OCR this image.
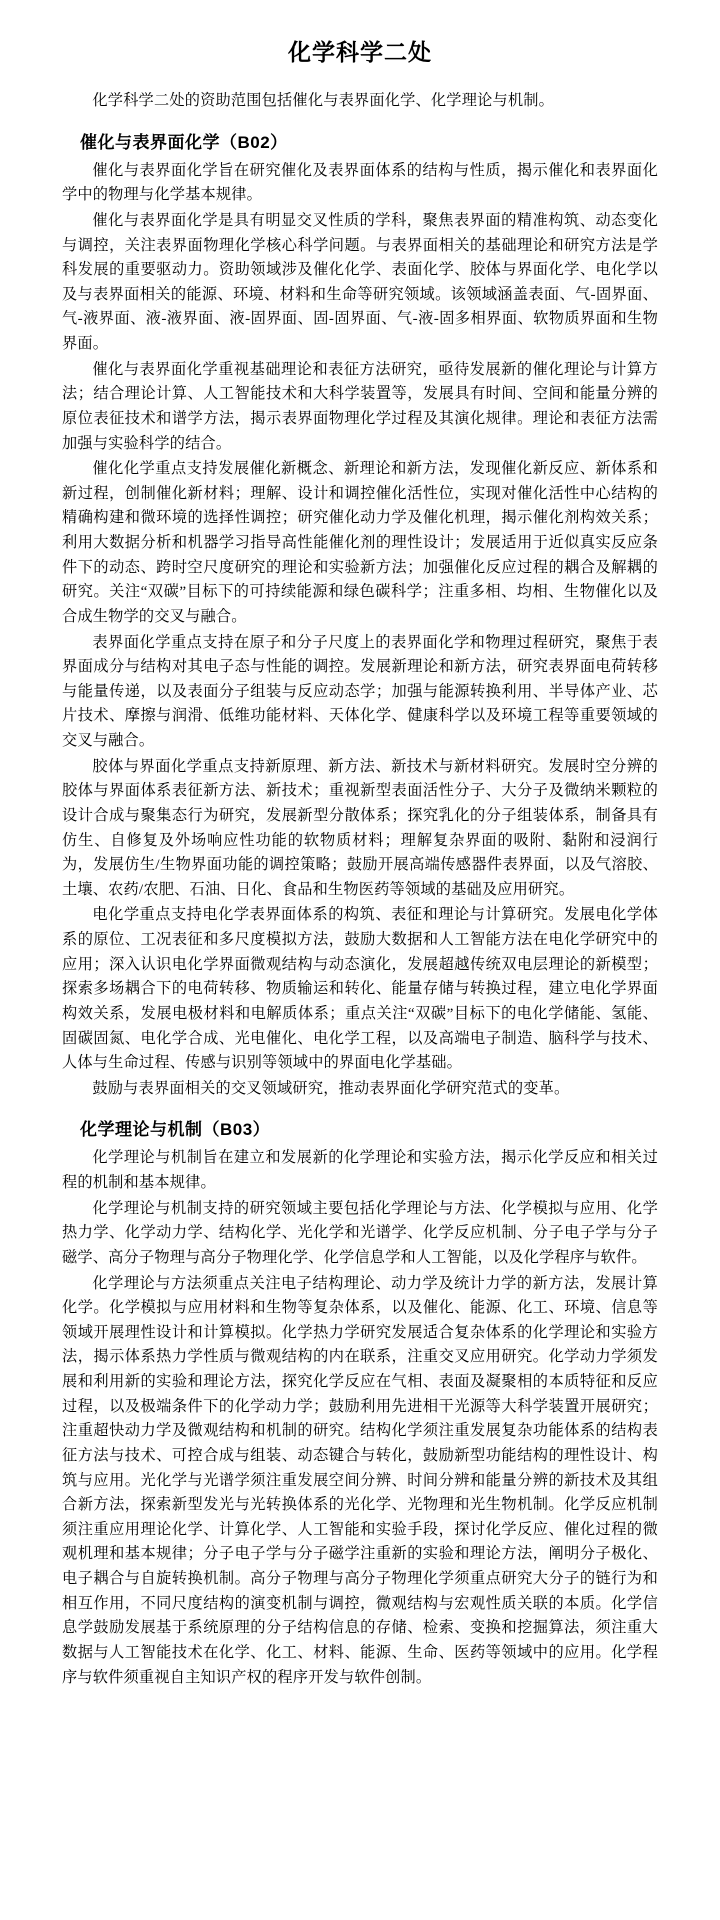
化学科学二处

化学科学二处的资助范围包括催化与表界面化学、化学理论与机制。

催化与表界面化学（B02）

催化与表界面化学旨在研究催化及表界面体系的结构与性质，揭示催化和表界面化学中的物理与化学基本规律。

催化与表界面化学是具有明显交叉性质的学科，聚焦表界面的精准构筑、动态变化与调控，关注表界面物理化学核心科学问题。与表界面相关的基础理论和研究方法是学科发展的重要驱动力。资助领域涉及催化化学、表面化学、胶体与界面化学、电化学以及与表界面相关的能源、环境、材料和生命等研究领域。该领域涵盖表面、气-固界面、气-液界面、液-液界面、液-固界面、固-固界面、气-液-固多相界面、软物质界面和生物界面。

催化与表界面化学重视基础理论和表征方法研究，亟待发展新的催化理论与计算方法；结合理论计算、人工智能技术和大科学装置等，发展具有时间、空间和能量分辨的原位表征技术和谱学方法，揭示表界面物理化学过程及其演化规律。理论和表征方法需加强与实验科学的结合。

催化化学重点支持发展催化新概念、新理论和新方法，发现催化新反应、新体系和新过程，创制催化新材料；理解、设计和调控催化活性位，实现对催化活性中心结构的精确构建和微环境的选择性调控；研究催化动力学及催化机理，揭示催化剂构效关系；利用大数据分析和机器学习指导高性能催化剂的理性设计；发展适用于近似真实反应条件下的动态、跨时空尺度研究的理论和实验新方法；加强催化反应过程的耦合及解耦的研究。关注“双碳”目标下的可持续能源和绿色碳科学；注重多相、均相、生物催化以及合成生物学的交叉与融合。

表界面化学重点支持在原子和分子尺度上的表界面化学和物理过程研究，聚焦于表界面成分与结构对其电子态与性能的调控。发展新理论和新方法，研究表界面电荷转移与能量传递，以及表面分子组装与反应动态学；加强与能源转换利用、半导体产业、芯片技术、摩擦与润滑、低维功能材料、天体化学、健康科学以及环境工程等重要领域的交叉与融合。

胶体与界面化学重点支持新原理、新方法、新技术与新材料研究。发展时空分辨的胶体与界面体系表征新方法、新技术；重视新型表面活性分子、大分子及微纳米颗粒的设计合成与聚集态行为研究，发展新型分散体系；探究乳化的分子组装体系，制备具有仿生、自修复及外场响应性功能的软物质材料；理解复杂界面的吸附、黏附和浸润行为，发展仿生/生物界面功能的调控策略；鼓励开展高端传感器件表界面，以及气溶胶、土壤、农药/农肥、石油、日化、食品和生物医药等领域的基础及应用研究。

电化学重点支持电化学表界面体系的构筑、表征和理论与计算研究。发展电化学体系的原位、工况表征和多尺度模拟方法，鼓励大数据和人工智能方法在电化学研究中的应用；深入认识电化学界面微观结构与动态演化，发展超越传统双电层理论的新模型；探索多场耦合下的电荷转移、物质输运和转化、能量存储与转换过程，建立电化学界面构效关系，发展电极材料和电解质体系；重点关注“双碳”目标下的电化学储能、氢能、固碳固氮、电化学合成、光电催化、电化学工程，以及高端电子制造、脑科学与技术、人体与生命过程、传感与识别等领域中的界面电化学基础。

鼓励与表界面相关的交叉领域研究，推动表界面化学研究范式的变革。

化学理论与机制（B03）

化学理论与机制旨在建立和发展新的化学理论和实验方法，揭示化学反应和相关过程的机制和基本规律。

化学理论与机制支持的研究领域主要包括化学理论与方法、化学模拟与应用、化学热力学、化学动力学、结构化学、光化学和光谱学、化学反应机制、分子电子学与分子磁学、高分子物理与高分子物理化学、化学信息学和人工智能，以及化学程序与软件。

化学理论与方法须重点关注电子结构理论、动力学及统计力学的新方法，发展计算化学。化学模拟与应用材料和生物等复杂体系，以及催化、能源、化工、环境、信息等领域开展理性设计和计算模拟。化学热力学研究发展适合复杂体系的化学理论和实验方法，揭示体系热力学性质与微观结构的内在联系，注重交叉应用研究。化学动力学须发展和利用新的实验和理论方法，探究化学反应在气相、表面及凝聚相的本质特征和反应过程，以及极端条件下的化学动力学；鼓励利用先进相干光源等大科学装置开展研究；注重超快动力学及微观结构和机制的研究。结构化学须注重发展复杂功能体系的结构表征方法与技术、可控合成与组装、动态键合与转化，鼓励新型功能结构的理性设计、构筑与应用。光化学与光谱学须注重发展空间分辨、时间分辨和能量分辨的新技术及其组合新方法，探索新型发光与光转换体系的光化学、光物理和光生物机制。化学反应机制须注重应用理论化学、计算化学、人工智能和实验手段，探讨化学反应、催化过程的微观机理和基本规律；分子电子学与分子磁学注重新的实验和理论方法，阐明分子极化、电子耦合与自旋转换机制。高分子物理与高分子物理化学须重点研究大分子的链行为和相互作用，不同尺度结构的演变机制与调控，微观结构与宏观性质关联的本质。化学信息学鼓励发展基于系统原理的分子结构信息的存储、检索、变换和挖掘算法，须注重大数据与人工智能技术在化学、化工、材料、能源、生命、医药等领域中的应用。化学程序与软件须重视自主知识产权的程序开发与软件创制。
